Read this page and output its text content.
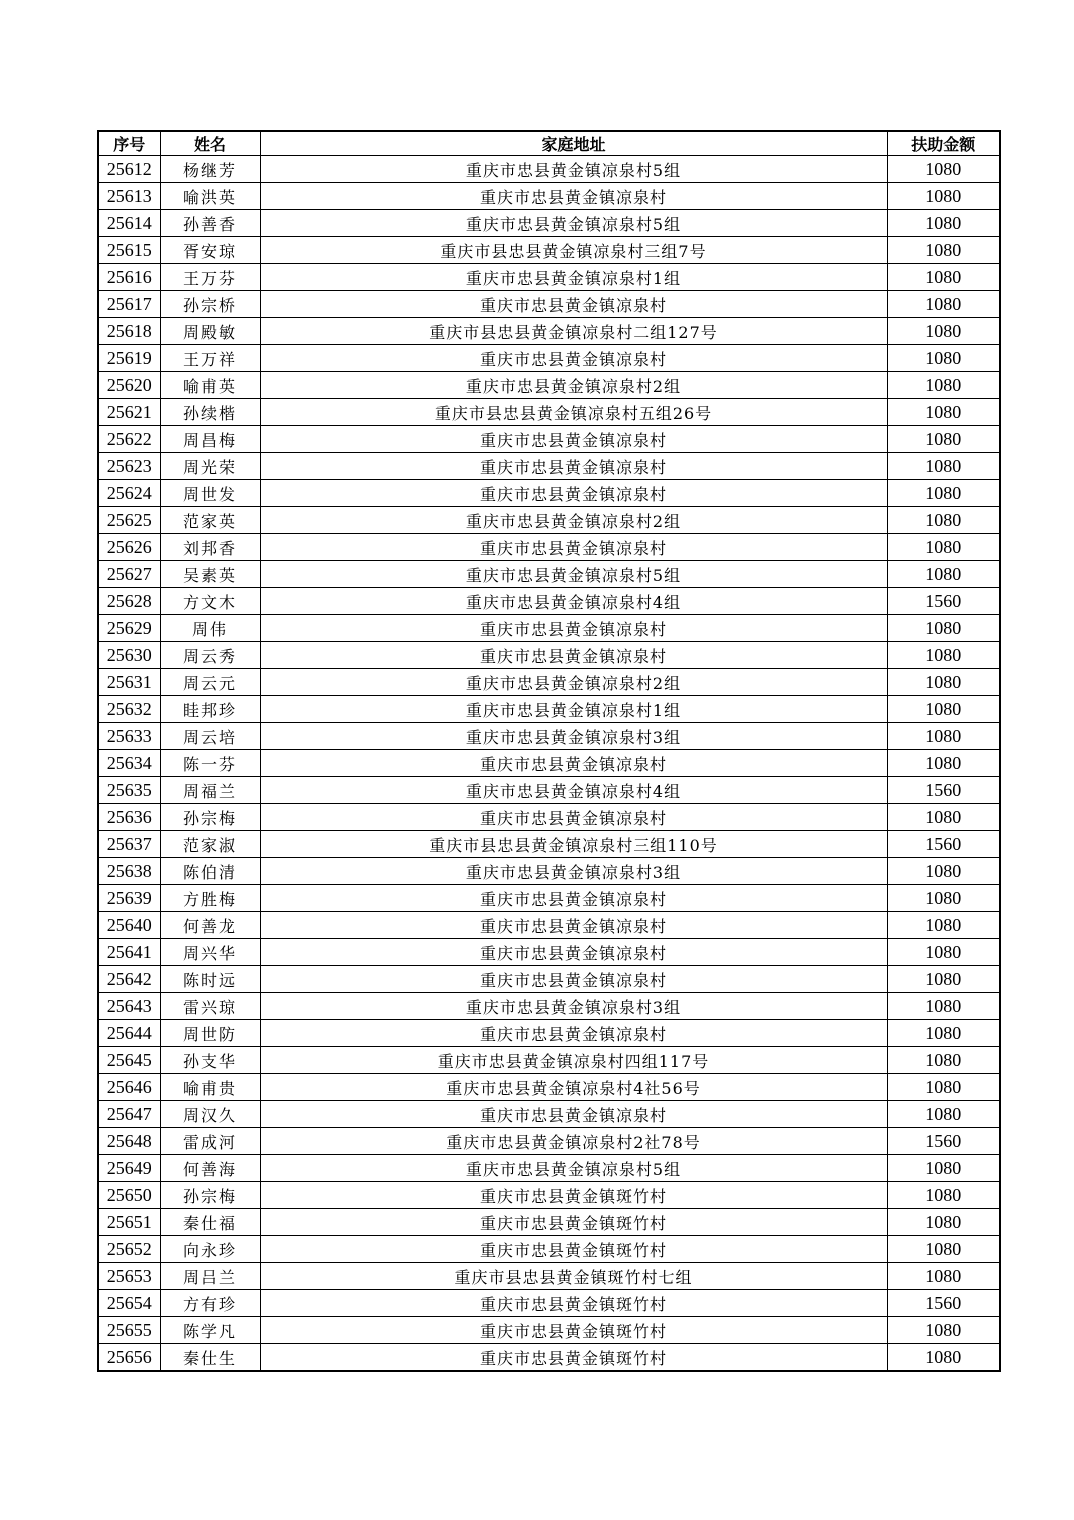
序号	姓名	家庭地址	扶助金额
25612	杨继芳	重庆市忠县黄金镇凉泉村5组	1080
25613	喻洪英	重庆市忠县黄金镇凉泉村	1080
25614	孙善香	重庆市忠县黄金镇凉泉村5组	1080
25615	胥安琼	重庆市县忠县黄金镇凉泉村三组7号	1080
25616	王万芬	重庆市忠县黄金镇凉泉村1组	1080
25617	孙宗桥	重庆市忠县黄金镇凉泉村	1080
25618	周殿敏	重庆市县忠县黄金镇凉泉村二组127号	1080
25619	王万祥	重庆市忠县黄金镇凉泉村	1080
25620	喻甫英	重庆市忠县黄金镇凉泉村2组	1080
25621	孙续楷	重庆市县忠县黄金镇凉泉村五组26号	1080
25622	周昌梅	重庆市忠县黄金镇凉泉村	1080
25623	周光荣	重庆市忠县黄金镇凉泉村	1080
25624	周世发	重庆市忠县黄金镇凉泉村	1080
25625	范家英	重庆市忠县黄金镇凉泉村2组	1080
25626	刘邦香	重庆市忠县黄金镇凉泉村	1080
25627	吴素英	重庆市忠县黄金镇凉泉村5组	1080
25628	方文木	重庆市忠县黄金镇凉泉村4组	1560
25629	周伟	重庆市忠县黄金镇凉泉村	1080
25630	周云秀	重庆市忠县黄金镇凉泉村	1080
25631	周云元	重庆市忠县黄金镇凉泉村2组	1080
25632	眭邦珍	重庆市忠县黄金镇凉泉村1组	1080
25633	周云培	重庆市忠县黄金镇凉泉村3组	1080
25634	陈一芬	重庆市忠县黄金镇凉泉村	1080
25635	周福兰	重庆市忠县黄金镇凉泉村4组	1560
25636	孙宗梅	重庆市忠县黄金镇凉泉村	1080
25637	范家淑	重庆市县忠县黄金镇凉泉村三组110号	1560
25638	陈伯清	重庆市忠县黄金镇凉泉村3组	1080
25639	方胜梅	重庆市忠县黄金镇凉泉村	1080
25640	何善龙	重庆市忠县黄金镇凉泉村	1080
25641	周兴华	重庆市忠县黄金镇凉泉村	1080
25642	陈时远	重庆市忠县黄金镇凉泉村	1080
25643	雷兴琼	重庆市忠县黄金镇凉泉村3组	1080
25644	周世防	重庆市忠县黄金镇凉泉村	1080
25645	孙支华	重庆市忠县黄金镇凉泉村四组117号	1080
25646	喻甫贵	重庆市忠县黄金镇凉泉村4社56号	1080
25647	周汉久	重庆市忠县黄金镇凉泉村	1080
25648	雷成河	重庆市忠县黄金镇凉泉村2社78号	1560
25649	何善海	重庆市忠县黄金镇凉泉村5组	1080
25650	孙宗梅	重庆市忠县黄金镇斑竹村	1080
25651	秦仕福	重庆市忠县黄金镇斑竹村	1080
25652	向永珍	重庆市忠县黄金镇斑竹村	1080
25653	周吕兰	重庆市县忠县黄金镇斑竹村七组	1080
25654	方有珍	重庆市忠县黄金镇斑竹村	1560
25655	陈学凡	重庆市忠县黄金镇斑竹村	1080
25656	秦仕生	重庆市忠县黄金镇斑竹村	1080
